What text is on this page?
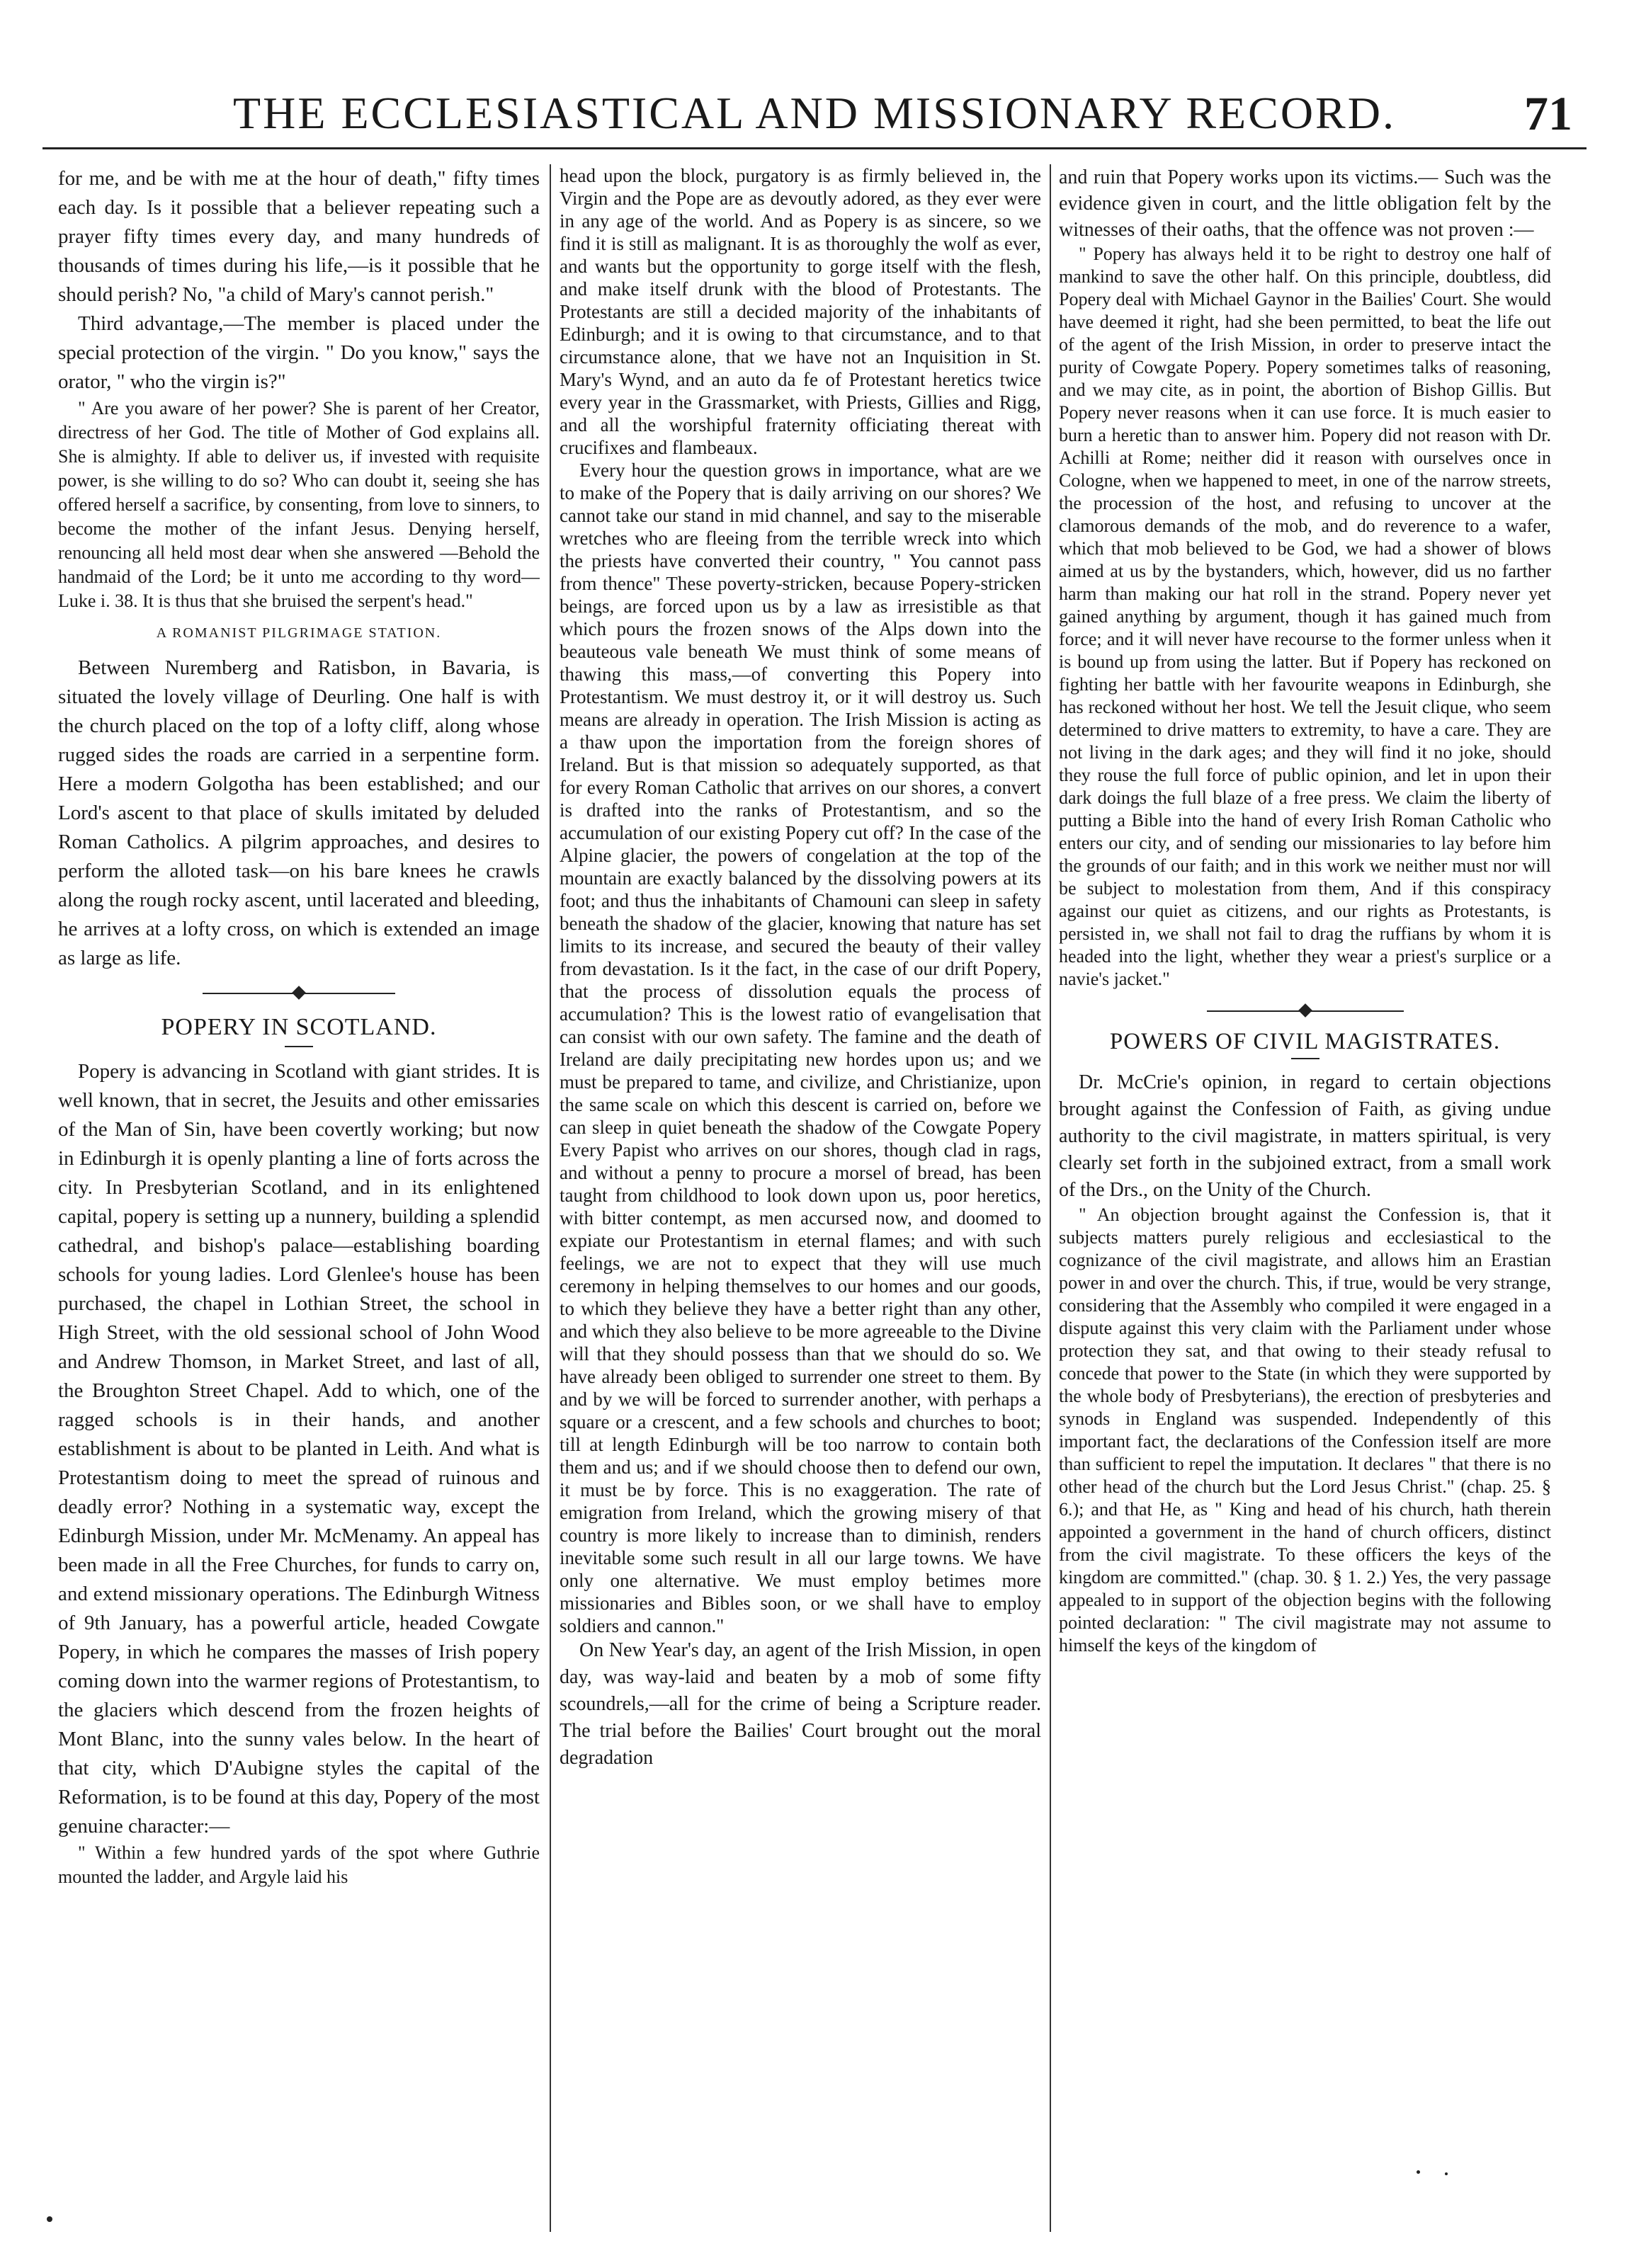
THE ECCLESIASTICAL AND MISSIONARY RECORD.	71

for me, and be with me at the hour of death," fifty times each day. Is it possible that a believer repeating such a prayer fifty times every day, and many hundreds of thousands of times during his life,—is it possible that he should perish? No, "a child of Mary's cannot perish."

Third advantage,—The member is placed under the special protection of the virgin. " Do you know," says the orator, " who the virgin is?"

" Are you aware of her power? She is parent of her Creator, directress of her God. The title of Mother of God explains all. She is almighty. If able to deliver us, if invested with requisite power, is she willing to do so? Who can doubt it, seeing she has offered herself a sacrifice, by consenting, from love to sinners, to become the mother of the infant Jesus. Denying herself, renouncing all held most dear when she answered —Behold the handmaid of the Lord; be it unto me according to thy word—Luke i. 38. It is thus that she bruised the serpent's head."

A ROMANIST PILGRIMAGE STATION.

Between Nuremberg and Ratisbon, in Bavaria, is situated the lovely village of Deurling. One half is with the church placed on the top of a lofty cliff, along whose rugged sides the roads are carried in a serpentine form. Here a modern Golgotha has been established; and our Lord's ascent to that place of skulls imitated by deluded Roman Catholics. A pilgrim approaches, and desires to perform the alloted task—on his bare knees he crawls along the rough rocky ascent, until lacerated and bleeding, he arrives at a lofty cross, on which is extended an image as large as life.

POPERY IN SCOTLAND.

Popery is advancing in Scotland with giant strides. It is well known, that in secret, the Jesuits and other emissaries of the Man of Sin, have been covertly working; but now in Edinburgh it is openly planting a line of forts across the city. In Presbyterian Scotland, and in its enlightened capital, popery is setting up a nunnery, building a splendid cathedral, and bishop's palace—establishing boarding schools for young ladies. Lord Glenlee's house has been purchased, the chapel in Lothian Street, the school in High Street, with the old sessional school of John Wood and Andrew Thomson, in Market Street, and last of all, the Broughton Street Chapel. Add to which, one of the ragged schools is in their hands, and another establishment is about to be planted in Leith. And what is Protestantism doing to meet the spread of ruinous and deadly error? Nothing in a systematic way, except the Edinburgh Mission, under Mr. McMenamy. An appeal has been made in all the Free Churches, for funds to carry on, and extend missionary operations. The Edinburgh Witness of 9th January, has a powerful article, headed Cowgate Popery, in which he compares the masses of Irish popery coming down into the warmer regions of Protestantism, to the glaciers which descend from the frozen heights of Mont Blanc, into the sunny vales below. In the heart of that city, which D'Aubigne styles the capital of the Reformation, is to be found at this day, Popery of the most genuine character:—

" Within a few hundred yards of the spot where Guthrie mounted the ladder, and Argyle laid his

head upon the block, purgatory is as firmly believed in, the Virgin and the Pope are as devoutly adored, as they ever were in any age of the world. And as Popery is as sincere, so we find it is still as malignant. It is as thoroughly the wolf as ever, and wants but the opportunity to gorge itself with the flesh, and make itself drunk with the blood of Protestants. The Protestants are still a decided majority of the inhabitants of Edinburgh; and it is owing to that circumstance, and to that circumstance alone, that we have not an Inquisition in St. Mary's Wynd, and an auto da fe of Protestant heretics twice every year in the Grassmarket, with Priests, Gillies and Rigg, and all the worshipful fraternity officiating thereat with crucifixes and flambeaux.

Every hour the question grows in importance, what are we to make of the Popery that is daily arriving on our shores? We cannot take our stand in mid channel, and say to the miserable wretches who are fleeing from the terrible wreck into which the priests have converted their country, " You cannot pass from thence" These poverty-stricken, because Popery-stricken beings, are forced upon us by a law as irresistible as that which pours the frozen snows of the Alps down into the beauteous vale beneath We must think of some means of thawing this mass,—of converting this Popery into Protestantism. We must destroy it, or it will destroy us. Such means are already in operation. The Irish Mission is acting as a thaw upon the importation from the foreign shores of Ireland. But is that mission so adequately supported, as that for every Roman Catholic that arrives on our shores, a convert is drafted into the ranks of Protestantism, and so the accumulation of our existing Popery cut off? In the case of the Alpine glacier, the powers of congelation at the top of the mountain are exactly balanced by the dissolving powers at its foot; and thus the inhabitants of Chamouni can sleep in safety beneath the shadow of the glacier, knowing that nature has set limits to its increase, and secured the beauty of their valley from devastation. Is it the fact, in the case of our drift Popery, that the process of dissolution equals the process of accumulation? This is the lowest ratio of evangelisation that can consist with our own safety. The famine and the death of Ireland are daily precipitating new hordes upon us; and we must be prepared to tame, and civilize, and Christianize, upon the same scale on which this descent is carried on, before we can sleep in quiet beneath the shadow of the Cowgate Popery Every Papist who arrives on our shores, though clad in rags, and without a penny to procure a morsel of bread, has been taught from childhood to look down upon us, poor heretics, with bitter contempt, as men accursed now, and doomed to expiate our Protestantism in eternal flames; and with such feelings, we are not to expect that they will use much ceremony in helping themselves to our homes and our goods, to which they believe they have a better right than any other, and which they also believe to be more agreeable to the Divine will that they should possess than that we should do so. We have already been obliged to surrender one street to them. By and by we will be forced to surrender another, with perhaps a square or a crescent, and a few schools and churches to boot; till at length Edinburgh will be too narrow to contain both them and us; and if we should choose then to defend our own, it must be by force. This is no exaggeration. The rate of emigration from Ireland, which the growing misery of that country is more likely to increase than to diminish, renders inevitable some such result in all our large towns. We have only one alternative. We must employ betimes more missionaries and Bibles soon, or we shall have to employ soldiers and cannon."

On New Year's day, an agent of the Irish Mission, in open day, was way-laid and beaten by a mob of some fifty scoundrels,—all for the crime of being a Scripture reader. The trial before the Bailies' Court brought out the moral degradation

and ruin that Popery works upon its victims.— Such was the evidence given in court, and the little obligation felt by the witnesses of their oaths, that the offence was not proven :—

" Popery has always held it to be right to destroy one half of mankind to save the other half. On this principle, doubtless, did Popery deal with Michael Gaynor in the Bailies' Court. She would have deemed it right, had she been permitted, to beat the life out of the agent of the Irish Mission, in order to preserve intact the purity of Cowgate Popery. Popery sometimes talks of reasoning, and we may cite, as in point, the abortion of Bishop Gillis. But Popery never reasons when it can use force. It is much easier to burn a heretic than to answer him. Popery did not reason with Dr. Achilli at Rome; neither did it reason with ourselves once in Cologne, when we happened to meet, in one of the narrow streets, the procession of the host, and refusing to uncover at the clamorous demands of the mob, and do reverence to a wafer, which that mob believed to be God, we had a shower of blows aimed at us by the bystanders, which, however, did us no farther harm than making our hat roll in the strand. Popery never yet gained anything by argument, though it has gained much from force; and it will never have recourse to the former unless when it is bound up from using the latter. But if Popery has reckoned on fighting her battle with her favourite weapons in Edinburgh, she has reckoned without her host. We tell the Jesuit clique, who seem determined to drive matters to extremity, to have a care. They are not living in the dark ages; and they will find it no joke, should they rouse the full force of public opinion, and let in upon their dark doings the full blaze of a free press. We claim the liberty of putting a Bible into the hand of every Irish Roman Catholic who enters our city, and of sending our missionaries to lay before him the grounds of our faith; and in this work we neither must nor will be subject to molestation from them, And if this conspiracy against our quiet as citizens, and our rights as Protestants, is persisted in, we shall not fail to drag the ruffians by whom it is headed into the light, whether they wear a priest's surplice or a navie's jacket."

POWERS OF CIVIL MAGISTRATES.

Dr. McCrie's opinion, in regard to certain objections brought against the Confession of Faith, as giving undue authority to the civil magistrate, in matters spiritual, is very clearly set forth in the subjoined extract, from a small work of the Drs., on the Unity of the Church.

" An objection brought against the Confession is, that it subjects matters purely religious and ecclesiastical to the cognizance of the civil magistrate, and allows him an Erastian power in and over the church. This, if true, would be very strange, considering that the Assembly who compiled it were engaged in a dispute against this very claim with the Parliament under whose protection they sat, and that owing to their steady refusal to concede that power to the State (in which they were supported by the whole body of Presbyterians), the erection of presbyteries and synods in England was suspended. Independently of this important fact, the declarations of the Confession itself are more than sufficient to repel the imputation. It declares " that there is no other head of the church but the Lord Jesus Christ." (chap. 25. § 6.); and that He, as " King and head of his church, hath therein appointed a government in the hand of church officers, distinct from the civil magistrate. To these officers the keys of the kingdom are committed." (chap. 30. § 1. 2.) Yes, the very passage appealed to in support of the objection begins with the following pointed declaration: " The civil magistrate may not assume to himself the keys of the kingdom of
